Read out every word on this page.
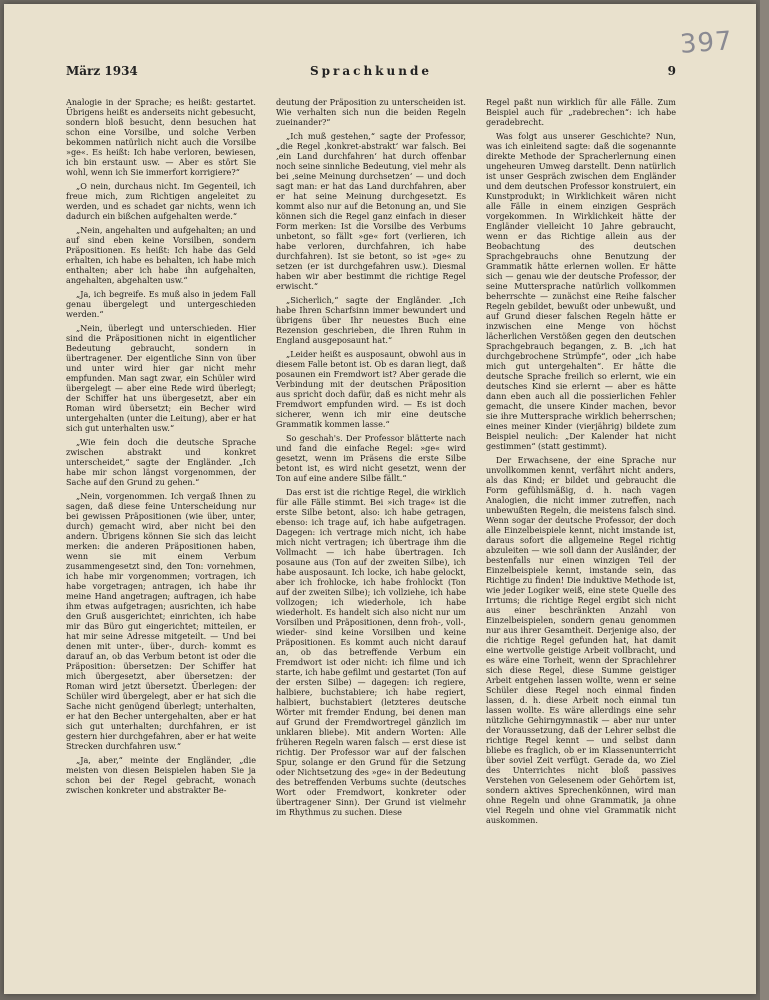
397
März 1934	Sprachkunde	9

Analogie in der Sprache; es heißt: gestartet. Übrigens heißt es anderseits nicht gebesucht, sondern bloß besucht, denn besuchen hat schon eine Vorsilbe, und solche Verben bekommen natürlich nicht auch die Vorsilbe »ge«. Es heißt: Ich habe verloren, bewiesen, ich bin erstaunt usw. — Aber es stört Sie wohl, wenn ich Sie immerfort korrigiere?“

„O nein, durchaus nicht. Im Gegenteil, ich freue mich, zum Richtigen angeleitet zu werden, und es schadet gar nichts, wenn ich dadurch ein bißchen aufgehalten werde.“

„Nein, angehalten und aufgehalten; an und auf sind eben keine Vorsilben, sondern Präpositionen. Es heißt: Ich habe das Geld erhalten, ich habe es behalten, ich habe mich enthalten; aber ich habe ihn aufgehalten, angehalten, abgehalten usw.“

„Ja, ich begreife. Es muß also in jedem Fall genau übergelegt und untergeschieden werden.“

„Nein, überlegt und unterschieden. Hier sind die Präpositionen nicht in eigentlicher Bedeutung gebraucht, sondern in übertragener. Der eigentliche Sinn von über und unter wird hier gar nicht mehr empfunden. Man sagt zwar, ein Schüler wird übergelegt — aber eine Rede wird überlegt; der Schiffer hat uns übergesetzt, aber ein Roman wird übersetzt; ein Becher wird untergehalten (unter die Leitung), aber er hat sich gut unterhalten usw.“

„Wie fein doch die deutsche Sprache zwischen abstrakt und konkret unterscheidet,“ sagte der Engländer. „Ich habe mir schon längst vorgenommen, der Sache auf den Grund zu gehen.“

„Nein, vorgenommen. Ich vergaß Ihnen zu sagen, daß diese feine Unterscheidung nur bei gewissen Präpositionen (wie über, unter, durch) gemacht wird, aber nicht bei den andern. Übrigens können Sie sich das leicht merken: die anderen Präpositionen haben, wenn sie mit einem Verbum zusammengesetzt sind, den Ton: vornehmen, ich habe mir vorgenommen; vortragen, ich habe vorgetragen; antragen, ich habe ihr meine Hand angetragen; auftragen, ich habe ihm etwas aufgetragen; ausrichten, ich habe den Gruß ausgerichtet; einrichten, ich habe mir das Büro gut eingerichtet; mitteilen, er hat mir seine Adresse mitgeteilt. — Und bei denen mit unter-, über-, durch- kommt es darauf an, ob das Verbum betont ist oder die Präposition: übersetzen: Der Schiffer hat mich übergesetzt, aber übersetzen: der Roman wird jetzt übersetzt. Überlegen: der Schüler wird übergelegt, aber er hat sich die Sache nicht genügend überlegt; unterhalten, er hat den Becher untergehalten, aber er hat sich gut unterhalten; durchfahren, er ist gestern hier durchgefahren, aber er hat weite Strecken durchfahren usw.“

„Ja, aber,“ meinte der Engländer, „die meisten von diesen Beispielen haben Sie ja schon bei der Regel gebracht, wonach zwischen konkreter und abstrakter Be-

deutung der Präposition zu unterscheiden ist. Wie verhalten sich nun die beiden Regeln zueinander?“

„Ich muß gestehen,“ sagte der Professor, „die Regel ‚konkret-abstrakt‘ war falsch. Bei ‚ein Land durchfahren‘ hat durch offenbar noch seine sinnliche Bedeutung, viel mehr als bei ‚seine Meinung durchsetzen‘ — und doch sagt man: er hat das Land durchfahren, aber er hat seine Meinung durchgesetzt. Es kommt also nur auf die Betonung an, und Sie können sich die Regel ganz einfach in dieser Form merken: Ist die Vorsilbe des Verbums unbetont, so fällt »ge« fort (verlieren, ich habe verloren, durchfahren, ich habe durchfahren). Ist sie betont, so ist »ge« zu setzen (er ist durchgefahren usw.). Diesmal haben wir aber bestimmt die richtige Regel erwischt.“

„Sicherlich,“ sagte der Engländer. „Ich habe Ihren Scharfsinn immer bewundert und übrigens über Ihr neuestes Buch eine Rezension geschrieben, die Ihren Ruhm in England ausgeposaunt hat.“

„Leider heißt es ausposaunt, obwohl aus in diesem Falle betont ist. Ob es daran liegt, daß posaunen ein Fremdwort ist? Aber gerade die Verbindung mit der deutschen Präposition aus spricht doch dafür, daß es nicht mehr als Fremdwort empfunden wird. — Es ist doch sicherer, wenn ich mir eine deutsche Grammatik kommen lasse.“

So geschah's. Der Professor blätterte nach und fand die einfache Regel: »ge« wird gesetzt, wenn im Präsens die erste Silbe betont ist, es wird nicht gesetzt, wenn der Ton auf eine andere Silbe fällt.“

Das erst ist die richtige Regel, die wirklich für alle Fälle stimmt. Bei »ich trage« ist die erste Silbe betont, also: ich habe getragen, ebenso: ich trage auf, ich habe aufgetragen. Dagegen: ich vertrage mich nicht, ich habe mich nicht vertragen; ich übertrage ihm die Vollmacht — ich habe übertragen. Ich posaune aus (Ton auf der zweiten Silbe), ich habe ausposaunt. Ich locke, ich habe gelockt, aber ich frohlocke, ich habe frohlockt (Ton auf der zweiten Silbe); ich vollziehe, ich habe vollzogen; ich wiederhole, ich habe wiederholt. Es handelt sich also nicht nur um Vorsilben und Präpositionen, denn froh-, voll-, wieder- sind keine Vorsilben und keine Präpositionen. Es kommt auch nicht darauf an, ob das betreffende Verbum ein Fremdwort ist oder nicht: ich filme und ich starte, ich habe gefilmt und gestartet (Ton auf der ersten Silbe) — dagegen: ich regiere, halbiere, buchstabiere; ich habe regiert, halbiert, buchstabiert (letzteres deutsche Wörter mit fremder Endung, bei denen man auf Grund der Fremdwortregel gänzlich im unklaren bliebe). Mit andern Worten: Alle früheren Regeln waren falsch — erst diese ist richtig. Der Professor war auf der falschen Spur, solange er den Grund für die Setzung oder Nichtsetzung des »ge« in der Bedeutung des betreffenden Verbums suchte (deutsches Wort oder Fremdwort, konkreter oder übertragener Sinn). Der Grund ist vielmehr im Rhythmus zu suchen. Diese

Regel paßt nun wirklich für alle Fälle. Zum Beispiel auch für „radebrechen“: ich habe geradebrecht.

Was folgt aus unserer Geschichte? Nun, was ich einleitend sagte: daß die sogenannte direkte Methode der Spracherlernung einen ungeheuren Umweg darstellt. Denn natürlich ist unser Gespräch zwischen dem Engländer und dem deutschen Professor konstruiert, ein Kunstprodukt; in Wirklichkeit wären nicht alle Fälle in einem einzigen Gespräch vorgekommen. In Wirklichkeit hätte der Engländer vielleicht 10 Jahre gebraucht, wenn er das Richtige allein aus der Beobachtung des deutschen Sprachgebrauchs ohne Benutzung der Grammatik hätte erlernen wollen. Er hätte sich — genau wie der deutsche Professor, der seine Muttersprache natürlich vollkommen beherrschte — zunächst eine Reihe falscher Regeln gebildet, bewußt oder unbewußt, und auf Grund dieser falschen Regeln hätte er inzwischen eine Menge von höchst lächerlichen Verstößen gegen den deutschen Sprachgebrauch begangen, z. B. „ich hat durchgebrochene Strümpfe“, oder „ich habe mich gut untergehalten“. Er hätte die deutsche Sprache freilich so erlernt, wie ein deutsches Kind sie erlernt — aber es hätte dann eben auch all die possierlichen Fehler gemacht, die unsere Kinder machen, bevor sie ihre Muttersprache wirklich beherrschen; eines meiner Kinder (vierjährig) bildete zum Beispiel neulich: „Der Kalender hat nicht gestimmen“ (statt gestimmt).

Der Erwachsene, der eine Sprache nur unvollkommen kennt, verfährt nicht anders, als das Kind; er bildet und gebraucht die Form gefühlsmäßig, d. h. nach vagen Analogien, die nicht immer zutreffen, nach unbewußten Regeln, die meistens falsch sind. Wenn sogar der deutsche Professor, der doch alle Einzelbeispiele kennt, nicht imstande ist, daraus sofort die allgemeine Regel richtig abzuleiten — wie soll dann der Ausländer, der bestenfalls nur einen winzigen Teil der Einzelbeispiele kennt, imstande sein, das Richtige zu finden! Die induktive Methode ist, wie jeder Logiker weiß, eine stete Quelle des Irrtums; die richtige Regel ergibt sich nicht aus einer beschränkten Anzahl von Einzelbeispielen, sondern genau genommen nur aus ihrer Gesamtheit. Derjenige also, der die richtige Regel gefunden hat, hat damit eine wertvolle geistige Arbeit vollbracht, und es wäre eine Torheit, wenn der Sprachlehrer sich diese Regel, diese Summe geistiger Arbeit entgehen lassen wollte, wenn er seine Schüler diese Regel noch einmal finden lassen, d. h. diese Arbeit noch einmal tun lassen wollte. Es wäre allerdings eine sehr nützliche Gehirngymnastik — aber nur unter der Voraussetzung, daß der Lehrer selbst die richtige Regel kennt — und selbst dann bliebe es fraglich, ob er im Klassenunterricht über soviel Zeit verfügt. Gerade da, wo Ziel des Unterrichtes nicht bloß passives Verstehen von Gelesenem oder Gehörtem ist, sondern aktives Sprechenkönnen, wird man ohne Regeln und ohne Grammatik, ja ohne viel Regeln und ohne viel Grammatik nicht auskommen.
